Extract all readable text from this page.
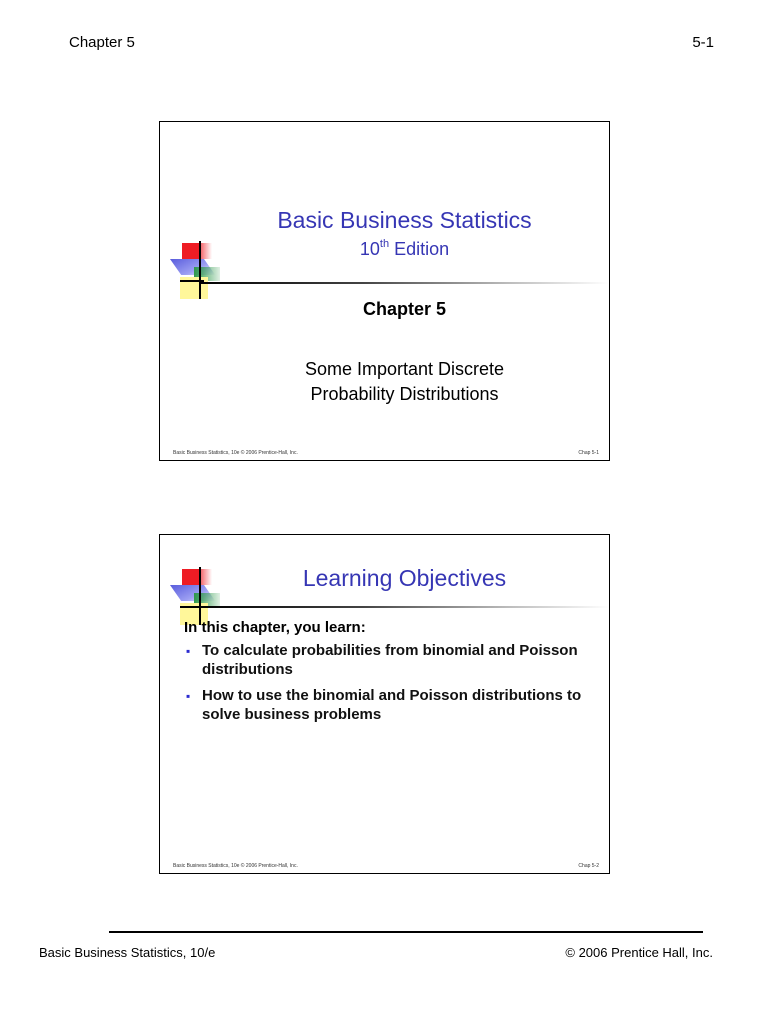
Chapter 5	5-1
Basic Business Statistics
10th Edition
Chapter 5
Some Important Discrete
Probability Distributions
Basic Business Statistics, 10e © 2006 Prentice-Hall, Inc.	Chap 5-1
Learning Objectives
In this chapter, you learn:
▪ To calculate probabilities from binomial and Poisson distributions
▪ How to use the binomial and Poisson distributions to solve business problems
Basic Business Statistics, 10e © 2006 Prentice-Hall, Inc.	Chap 5-2
Basic Business Statistics, 10/e	© 2006 Prentice Hall, Inc.
